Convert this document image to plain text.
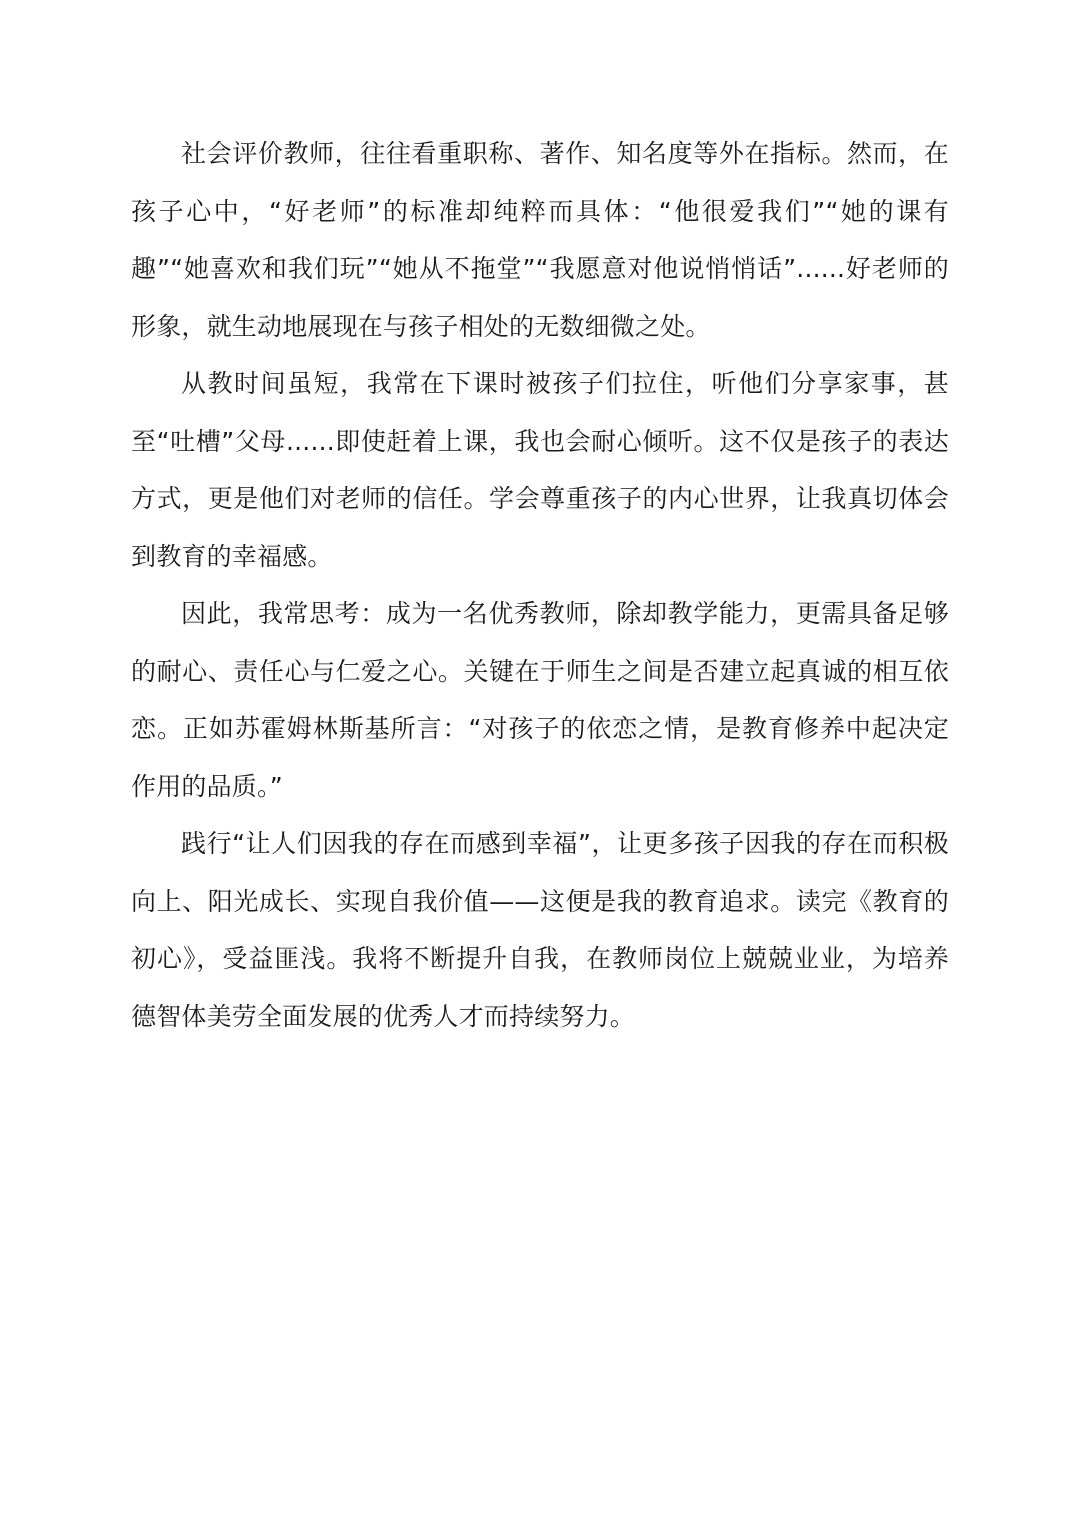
社会评价教师，往往看重职称、著作、知名度等外在指标。然而，在孩子心中，“好老师”的标准却纯粹而具体：“他很爱我们”“她的课有趣”“她喜欢和我们玩”“她从不拖堂”“我愿意对他说悄悄话”......好老师的形象，就生动地展现在与孩子相处的无数细微之处。

从教时间虽短，我常在下课时被孩子们拉住，听他们分享家事，甚至“吐槽”父母......即使赶着上课，我也会耐心倾听。这不仅是孩子的表达方式，更是他们对老师的信任。学会尊重孩子的内心世界，让我真切体会到教育的幸福感。

因此，我常思考：成为一名优秀教师，除却教学能力，更需具备足够的耐心、责任心与仁爱之心。关键在于师生之间是否建立起真诚的相互依恋。正如苏霍姆林斯基所言：“对孩子的依恋之情，是教育修养中起决定作用的品质。”

践行“让人们因我的存在而感到幸福”，让更多孩子因我的存在而积极向上、阳光成长、实现自我价值——这便是我的教育追求。读完《教育的初心》，受益匪浅。我将不断提升自我，在教师岗位上兢兢业业，为培养德智体美劳全面发展的优秀人才而持续努力。
